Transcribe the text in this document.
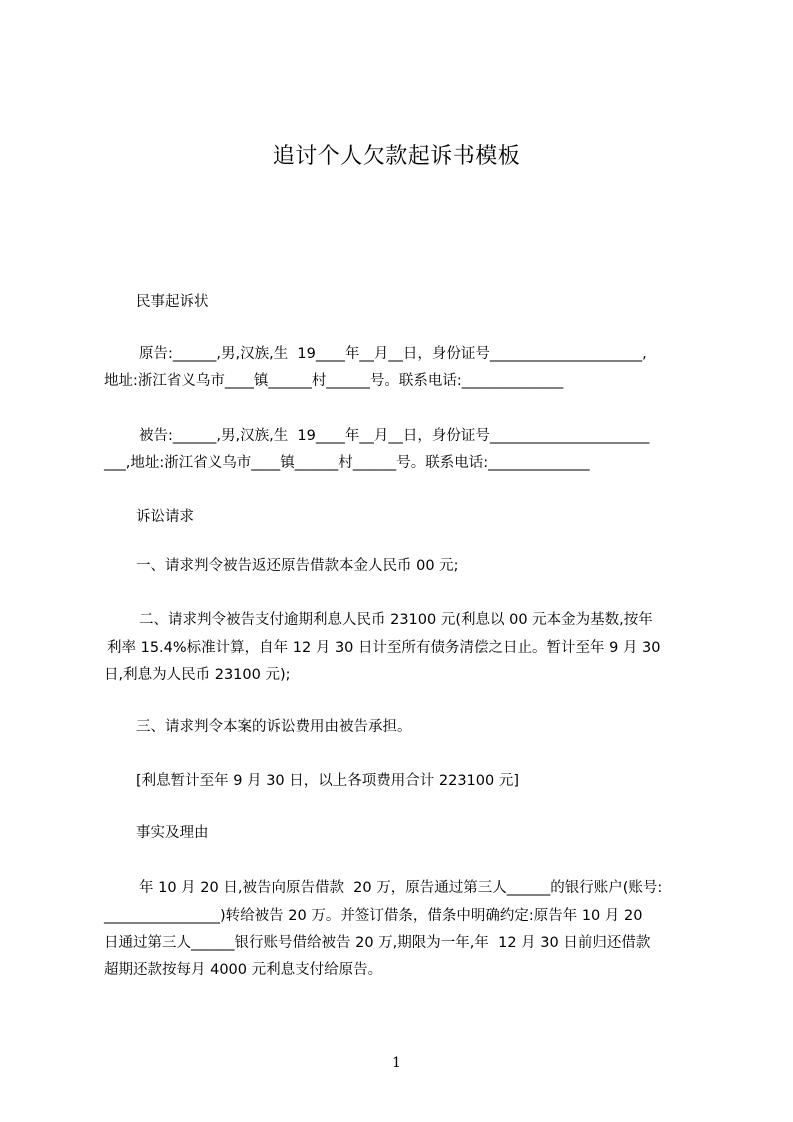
追讨个人欠款起诉书模板
民事起诉状
原告:______,男,汉族,生  19____年__月__日，身份证号_____________________,
地址:浙江省义乌市____镇______村______号。联系电话:______________
被告:______,男,汉族,生  19____年__月__日，身份证号______________________
___,地址:浙江省义乌市____镇______村______号。联系电话:______________
诉讼请求
一、请求判令被告返还原告借款本金人民币 00 元;
二、请求判令被告支付逾期利息人民币 23100 元(利息以 00 元本金为基数,按年
利率 15.4%标准计算，自年 12 月 30 日计至所有债务清偿之日止。暂计至年 9 月 30
日,利息为人民币 23100 元);
三、请求判令本案的诉讼费用由被告承担。
[利息暂计至年 9 月 30 日，以上各项费用合计 223100 元]
事实及理由
年 10 月 20 日,被告向原告借款  20 万，原告通过第三人______的银行账户(账号:
________________)转给被告 20 万。并签订借条，借条中明确约定:原告年 10 月 20
日通过第三人______银行账号借给被告 20 万,期限为一年,年  12 月 30 日前归还借款
超期还款按每月 4000 元利息支付给原告。
1
